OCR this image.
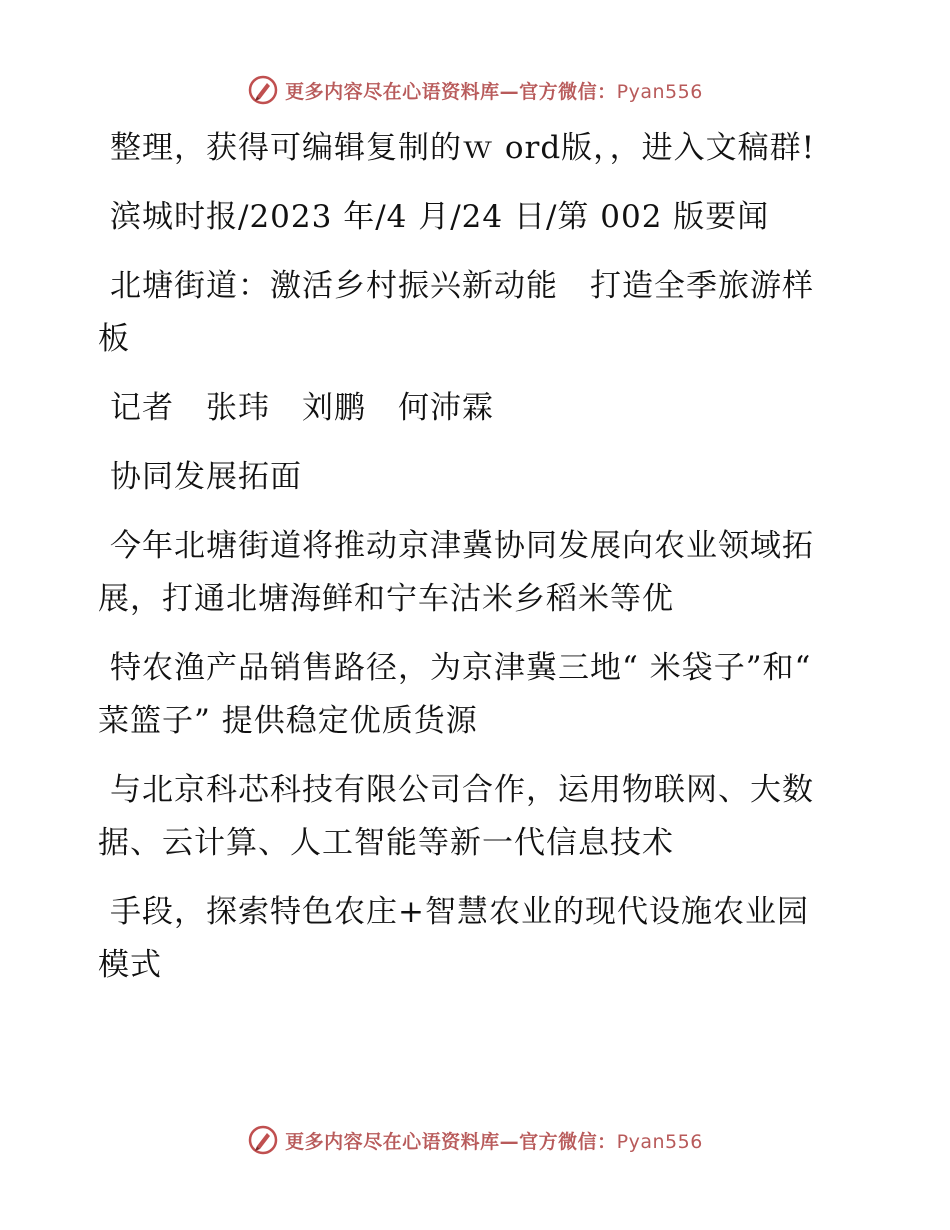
更多内容尽在心语资料库—官方微信：Pyan556

整理，获得可编辑复制的ｗ ord版，，进入文稿群!

滨城时报/2023 年/4 月/24 日/第 002 版要闻

北塘街道：激活乡村振兴新动能　打造全季旅游样板

记者　张玮　刘鹏　何沛霖

协同发展拓面

今年北塘街道将推动京津冀协同发展向农业领域拓展，打通北塘海鲜和宁车沽米乡稻米等优

特农渔产品销售路径，为京津冀三地“ 米袋子”和“ 菜篮子” 提供稳定优质货源

与北京科芯科技有限公司合作，运用物联网、大数据、云计算、人工智能等新一代信息技术

手段，探索特色农庄+智慧农业的现代设施农业园模式

更多内容尽在心语资料库—官方微信：Pyan556
